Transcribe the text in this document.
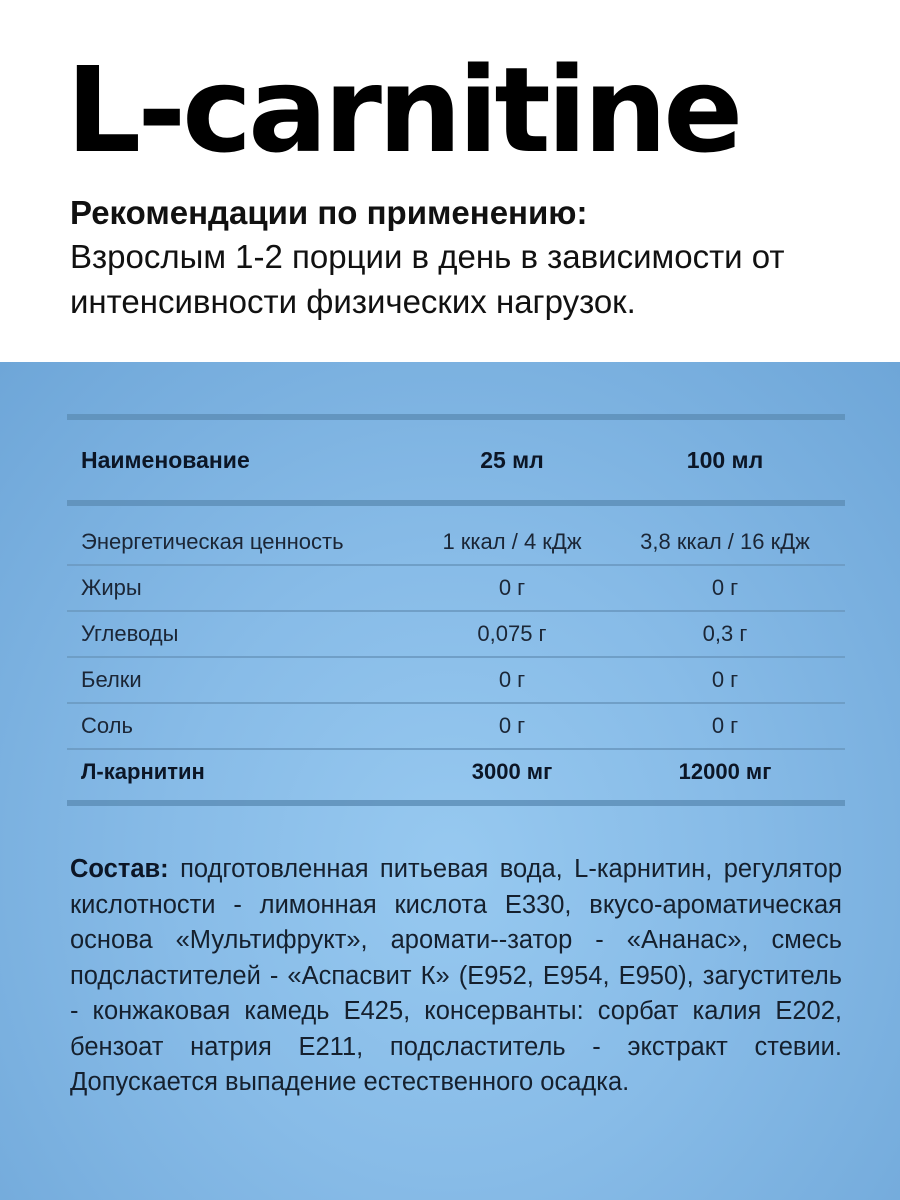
L-carnitine
Рекомендации по применению:
Взрослым 1-2 порции в день в зависимости от интенсивности физических нагрузок.
Наименование	25 мл	100 мл
Энергетическая ценность	1 ккал / 4 кДж	3,8 ккал / 16 кДж
Жиры	0 г	0 г
Углеводы	0,075 г	0,3 г
Белки	0 г	0 г
Соль	0 г	0 г
Л-карнитин	3000 мг	12000 мг
Состав: подготовленная питьевая вода, L-карнитин, регулятор кислотности - лимонная кислота E330, вкусо-ароматическая основа «Мультифрукт», аромати--затор - «Ананас», смесь подсластителей - «Аспасвит К» (E952, E954, E950), загуститель - конжаковая камедь E425, консерванты: сорбат калия E202, бензоат натрия E211, подсластитель - экстракт стевии. Допускается выпадение естественного осадка.
